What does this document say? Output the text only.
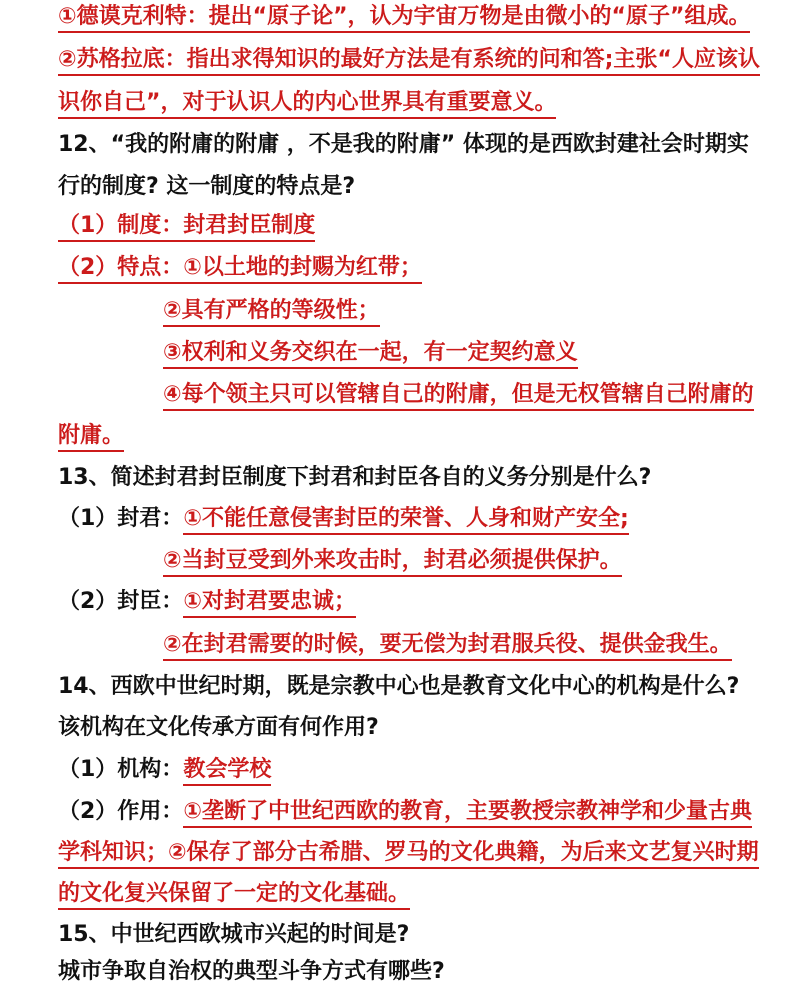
①德谟克利特：提出“原子论”，认为宇宙万物是由微小的“原子”组成。
②苏格拉底：指出求得知识的最好方法是有系统的问和答;主张“人应该认
识你自己”，对于认识人的内心世界具有重要意义。
12、“我的附庸的附庸 ，不是我的附庸” 体现的是西欧封建社会时期实
行的制度? 这一制度的特点是?
（1）制度：封君封臣制度
（2）特点：①以土地的封赐为红带；
②具有严格的等级性；
③权利和义务交织在一起，有一定契约意义
④每个领主只可以管辖自己的附庸，但是无权管辖自己附庸的
附庸。
13、简述封君封臣制度下封君和封臣各自的义务分别是什么?
（1）封君：①不能任意侵害封臣的荣誉、人身和财产安全;
②当封豆受到外来攻击时，封君必须提供保护。
（2）封臣：①对封君要忠诚；
②在封君需要的时候，要无偿为封君服兵役、提供金我生。
14、西欧中世纪时期，既是宗教中心也是教育文化中心的机构是什么?
该机构在文化传承方面有何作用?
（1）机构：教会学校
（2）作用：①垄断了中世纪西欧的教育，主要教授宗教神学和少量古典
学科知识；②保存了部分古希腊、罗马的文化典籍，为后来文艺复兴时期
的文化复兴保留了一定的文化基础。
15、中世纪西欧城市兴起的时间是?
城市争取自治权的典型斗争方式有哪些?
